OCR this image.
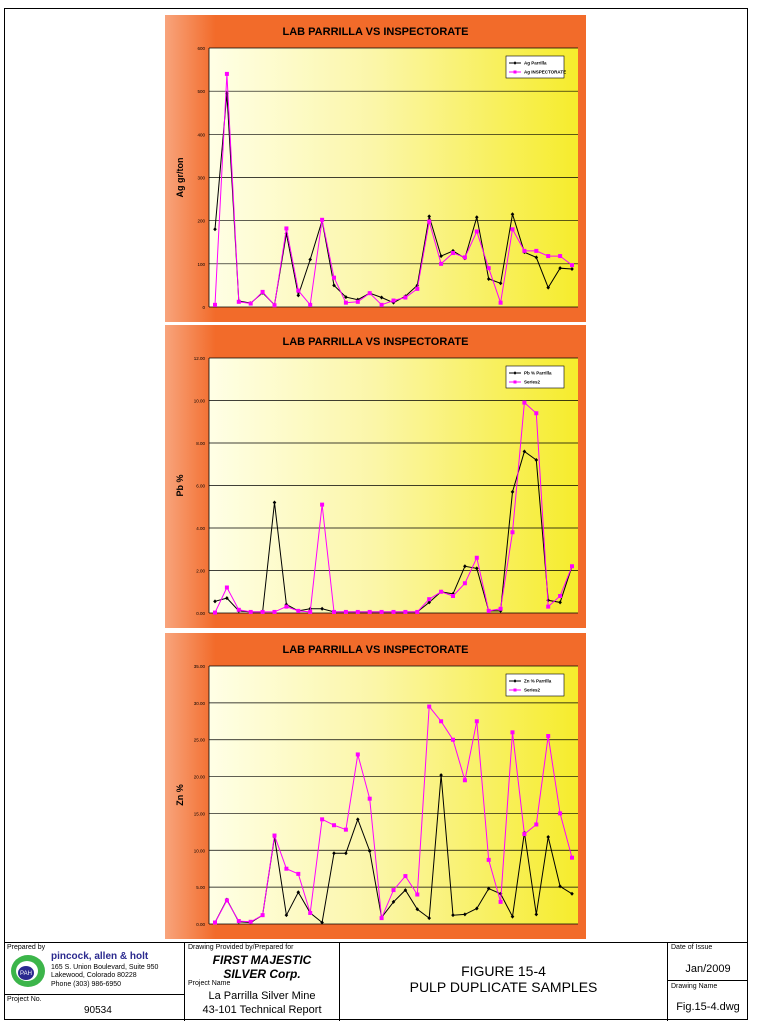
LAB PARRILLA VS INSPECTORATE
0
100
200
300
400
500
600
Ag gr/ton
Ag Parrilla
Ag INSPECTORATE
LAB PARRILLA VS INSPECTORATE
0.00
2.00
4.00
6.00
8.00
10.00
12.00
Pb %
Pb % Parrilla
Series2
LAB PARRILLA VS INSPECTORATE
0.00
5.00
10.00
15.00
20.00
25.00
30.00
35.00
Zn %
Zn % Parrilla
Series2
Prepared by
PAH
pincock, allen & holt
165 S. Union Boulevard, Suite 950
Lakewood, Colorado 80228
Phone (303) 986-6950
Project No.
90534
Drawing Provided by/Prepared for
FIRST MAJESTIC
SILVER Corp.
Project Name
La Parrilla Silver Mine
43-101 Technical Report
FIGURE 15-4
PULP DUPLICATE SAMPLES
Date of Issue
Jan/2009
Drawing Name
Fig.15-4.dwg
